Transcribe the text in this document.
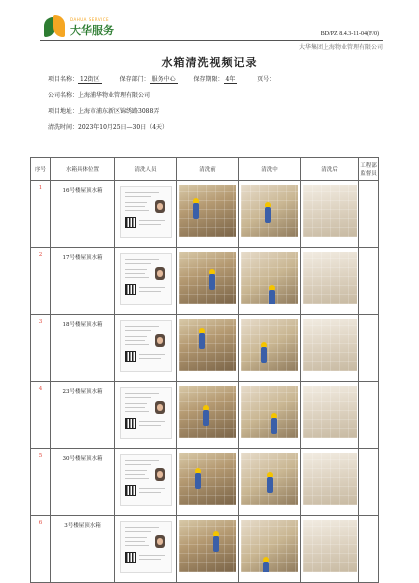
DAHUA SERVICE
大华服务	BD/PZ 8.4.3-11-04(F/0)
大华集团上海物业管理有限公司
水箱清洗视频记录
项目名称： 12街区	保存部门： 服务中心	保存期限： 4年	页号：
公司名称：上海浦华物业管理有限公司
项目地址：上海市浦东新区锦绣路3088弄
清洗时间：2023年10月25日—30日（4天）
序号	水箱具体位置	清洗人员	清洗前	清洗中	清洗后	工程部监督员
1	16号楼屋顶水箱	

2	17号楼屋顶水箱	

3	18号楼屋顶水箱	

4	23号楼屋顶水箱	

5	30号楼屋顶水箱	

6	3号楼屋顶水箱	
